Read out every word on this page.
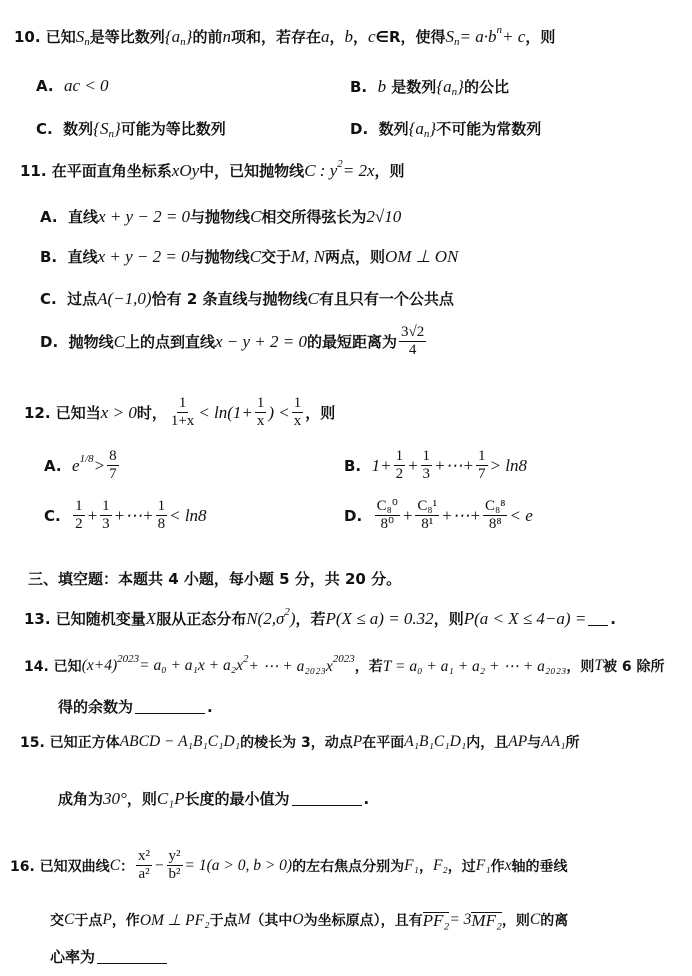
10. 已知 S n 是等比数列 {a n } 的前 n 项和，若存在 a ， b ， c ∈R，使得 S n = a·b n + c ，则
A. ac < 0	B. b 是数列 {a n } 的公比
C.  数列 {S n } 可能为等比数列	D.  数列 {a n } 不可能为常数列
11. 在平面直角坐标系 xOy 中，已知抛物线 C : y 2 = 2x ，则
A.  直线 x + y − 2 = 0 与抛物线 C 相交所得弦长为 2√10
B.  直线 x + y − 2 = 0 与抛物线 C 交于 M, N 两点，则 OM ⊥ ON
C.  过点 A(−1,0) 恰有 2 条直线与抛物线 C 有且只有一个公共点
D.  抛物线 C 上的点到直线 x − y + 2 = 0 的最短距离为 $\frac{3√2}{4}$
12. 已知当 x > 0 时， $\frac{1}{1+x} < \ln(1+ \frac{1}{x}$ ) < $\frac{1}{x}$ ，则
A. e $1/8 > \frac{8}{7}$	B. $1+ \frac{1}{2} + \frac{1}{3}$ +⋯+ $\frac{1}{7} > \ln 8$
C. $\frac{1}{2} + \frac{1}{3}$ +⋯+ $\frac{1}{8} < \ln 8$	D. $\frac{\text{C₈⁰}}{\text{8⁰}} + \frac{\text{C₈¹}}{\text{8¹}}$ +⋯+ $\frac{\text{C₈⁸}}{\text{8⁸}} < e$
三、填空题：本题共 4 小题，每小题 5 分，共 20 分。
13. 已知随机变量 X 服从正态分布 N(2,σ 2 ) ，若 P(X ≤ a) = 0.32 ，则 P(a < X ≤ 4−a) = .
14. 已知 (x+4) 2023 = a₀ + a₁x + a₂x 2 + ⋯ + a₂₀₂₃x 2023 ，若 T = a₀ + a₁ + a₂ + ⋯ + a₂₀₂₃ ，则 T 被 6 除所
得的余数为	.
15. 已知正方体 ABCD − A₁B₁C₁D₁ 的棱长为 3，动点 P 在平面 A₁B₁C₁D₁ 内，且 AP 与 AA₁ 所
成角为 30° ，则 C₁P 长度的最小值为	.
16. 已知双曲线 C ： $\frac{\text{x²}}{\text{a²}} - \frac{\text{y²}}{\text{b²}} = 1(a > 0$, b > 0) 的左右焦点分别为 F₁ ， F₂ ，过 F₁ 作 x 轴的垂线
交 C 于点 P ，作 OM ⊥ PF₂ 于点 M （其中 O 为坐标原点），且有 PF₂ = 3 MF₂ ，则 C 的离
心率为
